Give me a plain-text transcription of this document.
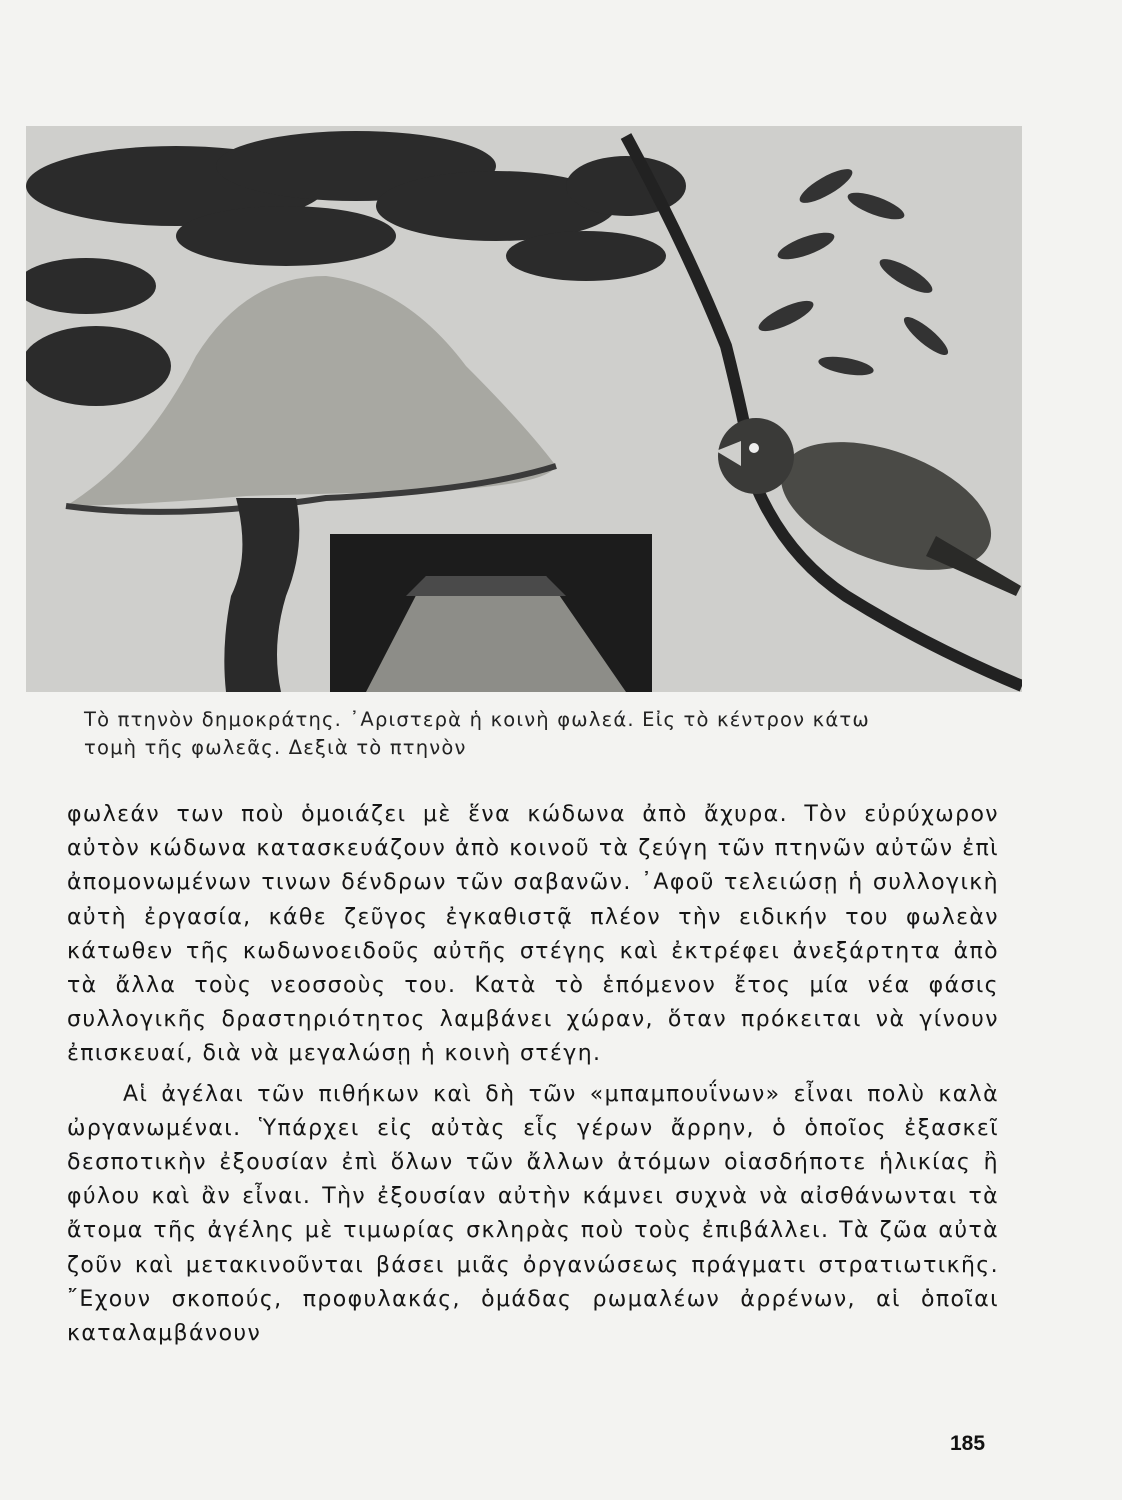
Τὸ πτηνὸν δημοκράτης. ᾿Αριστερὰ ἡ κοινὴ φωλεά. Εἰς τὸ κέντρον κάτω

τομὴ τῆς φωλεᾶς. Δεξιὰ τὸ πτηνὸν

φωλεάν των ποὺ ὁμοιάζει μὲ ἕνα κώδωνα ἀπὸ ἄχυρα. Τὸν εὐρύχωρον αὐτὸν κώδωνα κατασκευάζουν ἀπὸ κοινοῦ τὰ ζεύγη τῶν πτηνῶν αὐτῶν ἐπὶ ἀπομονωμένων τινων δένδρων τῶν σαβανῶν. ᾿Αφοῦ τελειώσῃ ἡ συλλογικὴ αὐτὴ ἐργασία, κάθε ζεῦγος ἐγκαθιστᾷ πλέον τὴν ειδικήν του φωλεὰν κάτωθεν τῆς κωδωνοειδοῦς αὐτῆς στέγης καὶ ἐκτρέφει ἀνεξάρτητα ἀπὸ τὰ ἄλλα τοὺς νεοσσοὺς του. Κατὰ τὸ ἑπόμενον ἔτος μία νέα φάσις συλλογικῆς δραστηριότητος λαμβάνει χώραν, ὅταν πρόκειται νὰ γίνουν ἐπισκευαί, διὰ νὰ μεγαλώσῃ ἡ κοινὴ στέγη.

Αἱ ἀγέλαι τῶν πιθήκων καὶ δὴ τῶν «μπαμπουΐνων» εἶναι πολὺ καλὰ ὠργανωμέναι. Ὑπάρχει εἰς αὐτὰς εἷς γέρων ἄρρην, ὁ ὁποῖος ἐξασκεῖ δεσποτικὴν ἐξουσίαν ἐπὶ ὅλων τῶν ἄλλων ἀτόμων οἱασδήποτε ἡλικίας ἢ φύλου καὶ ἂν εἶναι. Τὴν ἐξουσίαν αὐτὴν κάμνει συχνὰ νὰ αἰσθάνωνται τὰ ἄτομα τῆς ἀγέλης μὲ τιμωρίας σκληρὰς ποὺ τοὺς ἐπιβάλλει. Τὰ ζῶα αὐτὰ ζοῦν καὶ μετακινοῦνται βάσει μιᾶς ὀργανώσεως πράγματι στρατιωτικῆς. ῎Εχουν σκοπούς, προφυλακάς, ὁμάδας ρωμαλέων ἀρρένων, αἱ ὁποῖαι καταλαμβάνουν

185
